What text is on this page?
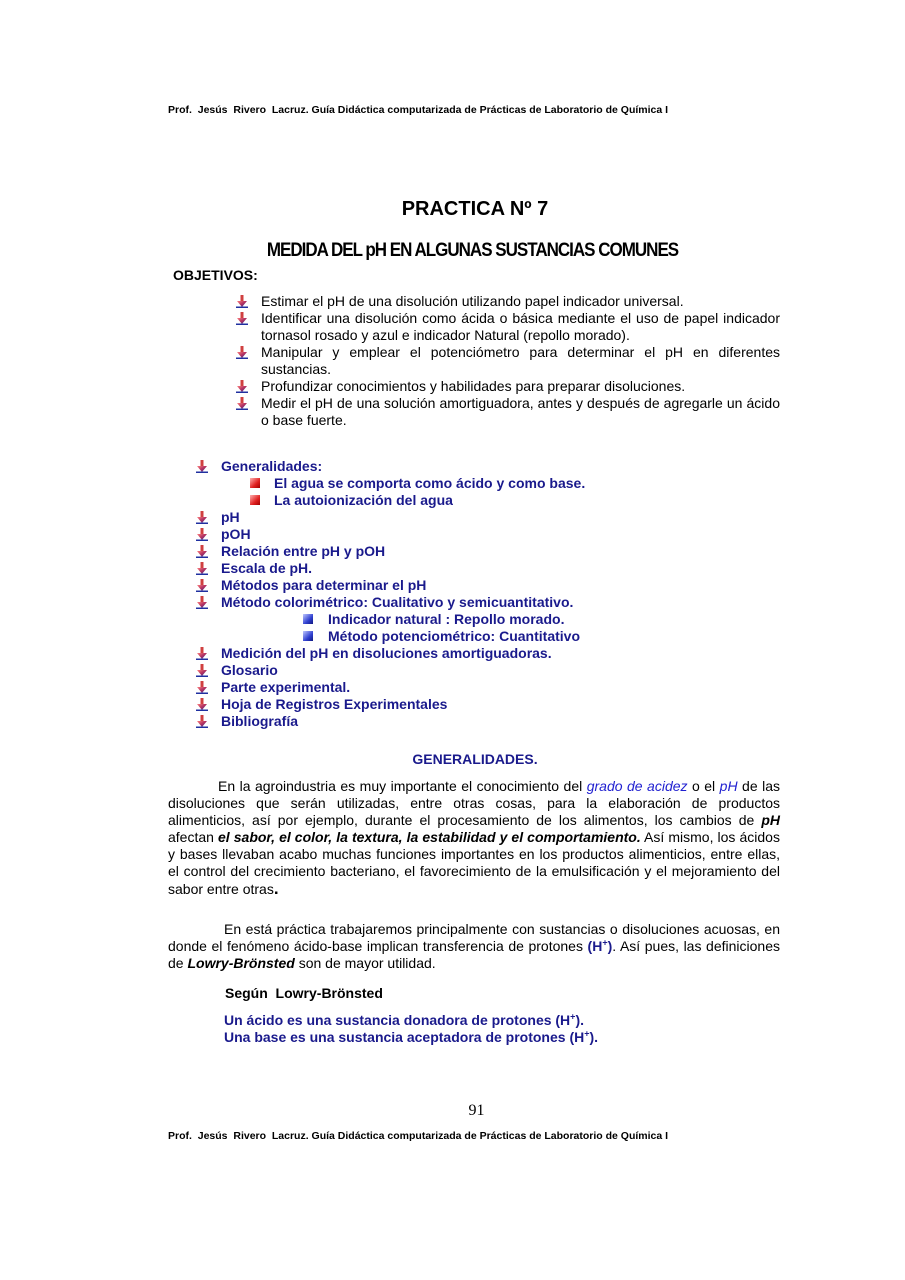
Prof.  Jesús  Rivero  Lacruz. Guía Didáctica computarizada de Prácticas de Laboratorio de Química I
PRACTICA Nº 7
MEDIDA DEL pH EN ALGUNAS SUSTANCIAS COMUNES
OBJETIVOS:
Estimar el pH de una disolución utilizando papel indicador universal.
Identificar una disolución como ácida o básica mediante el uso de papel indicador tornasol rosado y azul e indicador Natural (repollo morado).
Manipular y emplear el potenciómetro para determinar el pH en diferentes sustancias.
Profundizar conocimientos y habilidades para preparar disoluciones.
Medir el pH de una solución amortiguadora, antes y después de agregarle un ácido o base fuerte.
Generalidades:
El agua se comporta como ácido y como base.
La autoionización del agua
pH
pOH
Relación entre pH y pOH
Escala de pH.
Métodos para determinar el pH
Método colorimétrico: Cualitativo y semicuantitativo.
Indicador natural : Repollo morado.
Método potenciométrico: Cuantitativo
Medición del pH en disoluciones amortiguadoras.
Glosario
Parte experimental.
Hoja de Registros Experimentales
Bibliografía
GENERALIDADES.
En la agroindustria es muy importante el conocimiento del grado de acidez o el pH de las disoluciones que serán utilizadas, entre otras cosas, para la elaboración de productos alimenticios, así por ejemplo, durante el procesamiento de los alimentos, los cambios de pH afectan el sabor, el color, la textura, la estabilidad y el comportamiento. Así mismo, los ácidos y bases llevaban acabo muchas funciones importantes en los productos alimenticios, entre ellas, el control del crecimiento bacteriano, el favorecimiento de la emulsificación y el mejoramiento del sabor entre otras.
En está práctica trabajaremos principalmente con sustancias o disoluciones acuosas, en donde el fenómeno ácido-base implican transferencia de protones (H+). Así pues, las definiciones de Lowry-Brönsted son de mayor utilidad.
Según  Lowry-Brönsted
Un ácido es una sustancia donadora de protones (H+).
Una base es una sustancia aceptadora de protones (H+).
91
Prof.  Jesús  Rivero  Lacruz. Guía Didáctica computarizada de Prácticas de Laboratorio de Química I
